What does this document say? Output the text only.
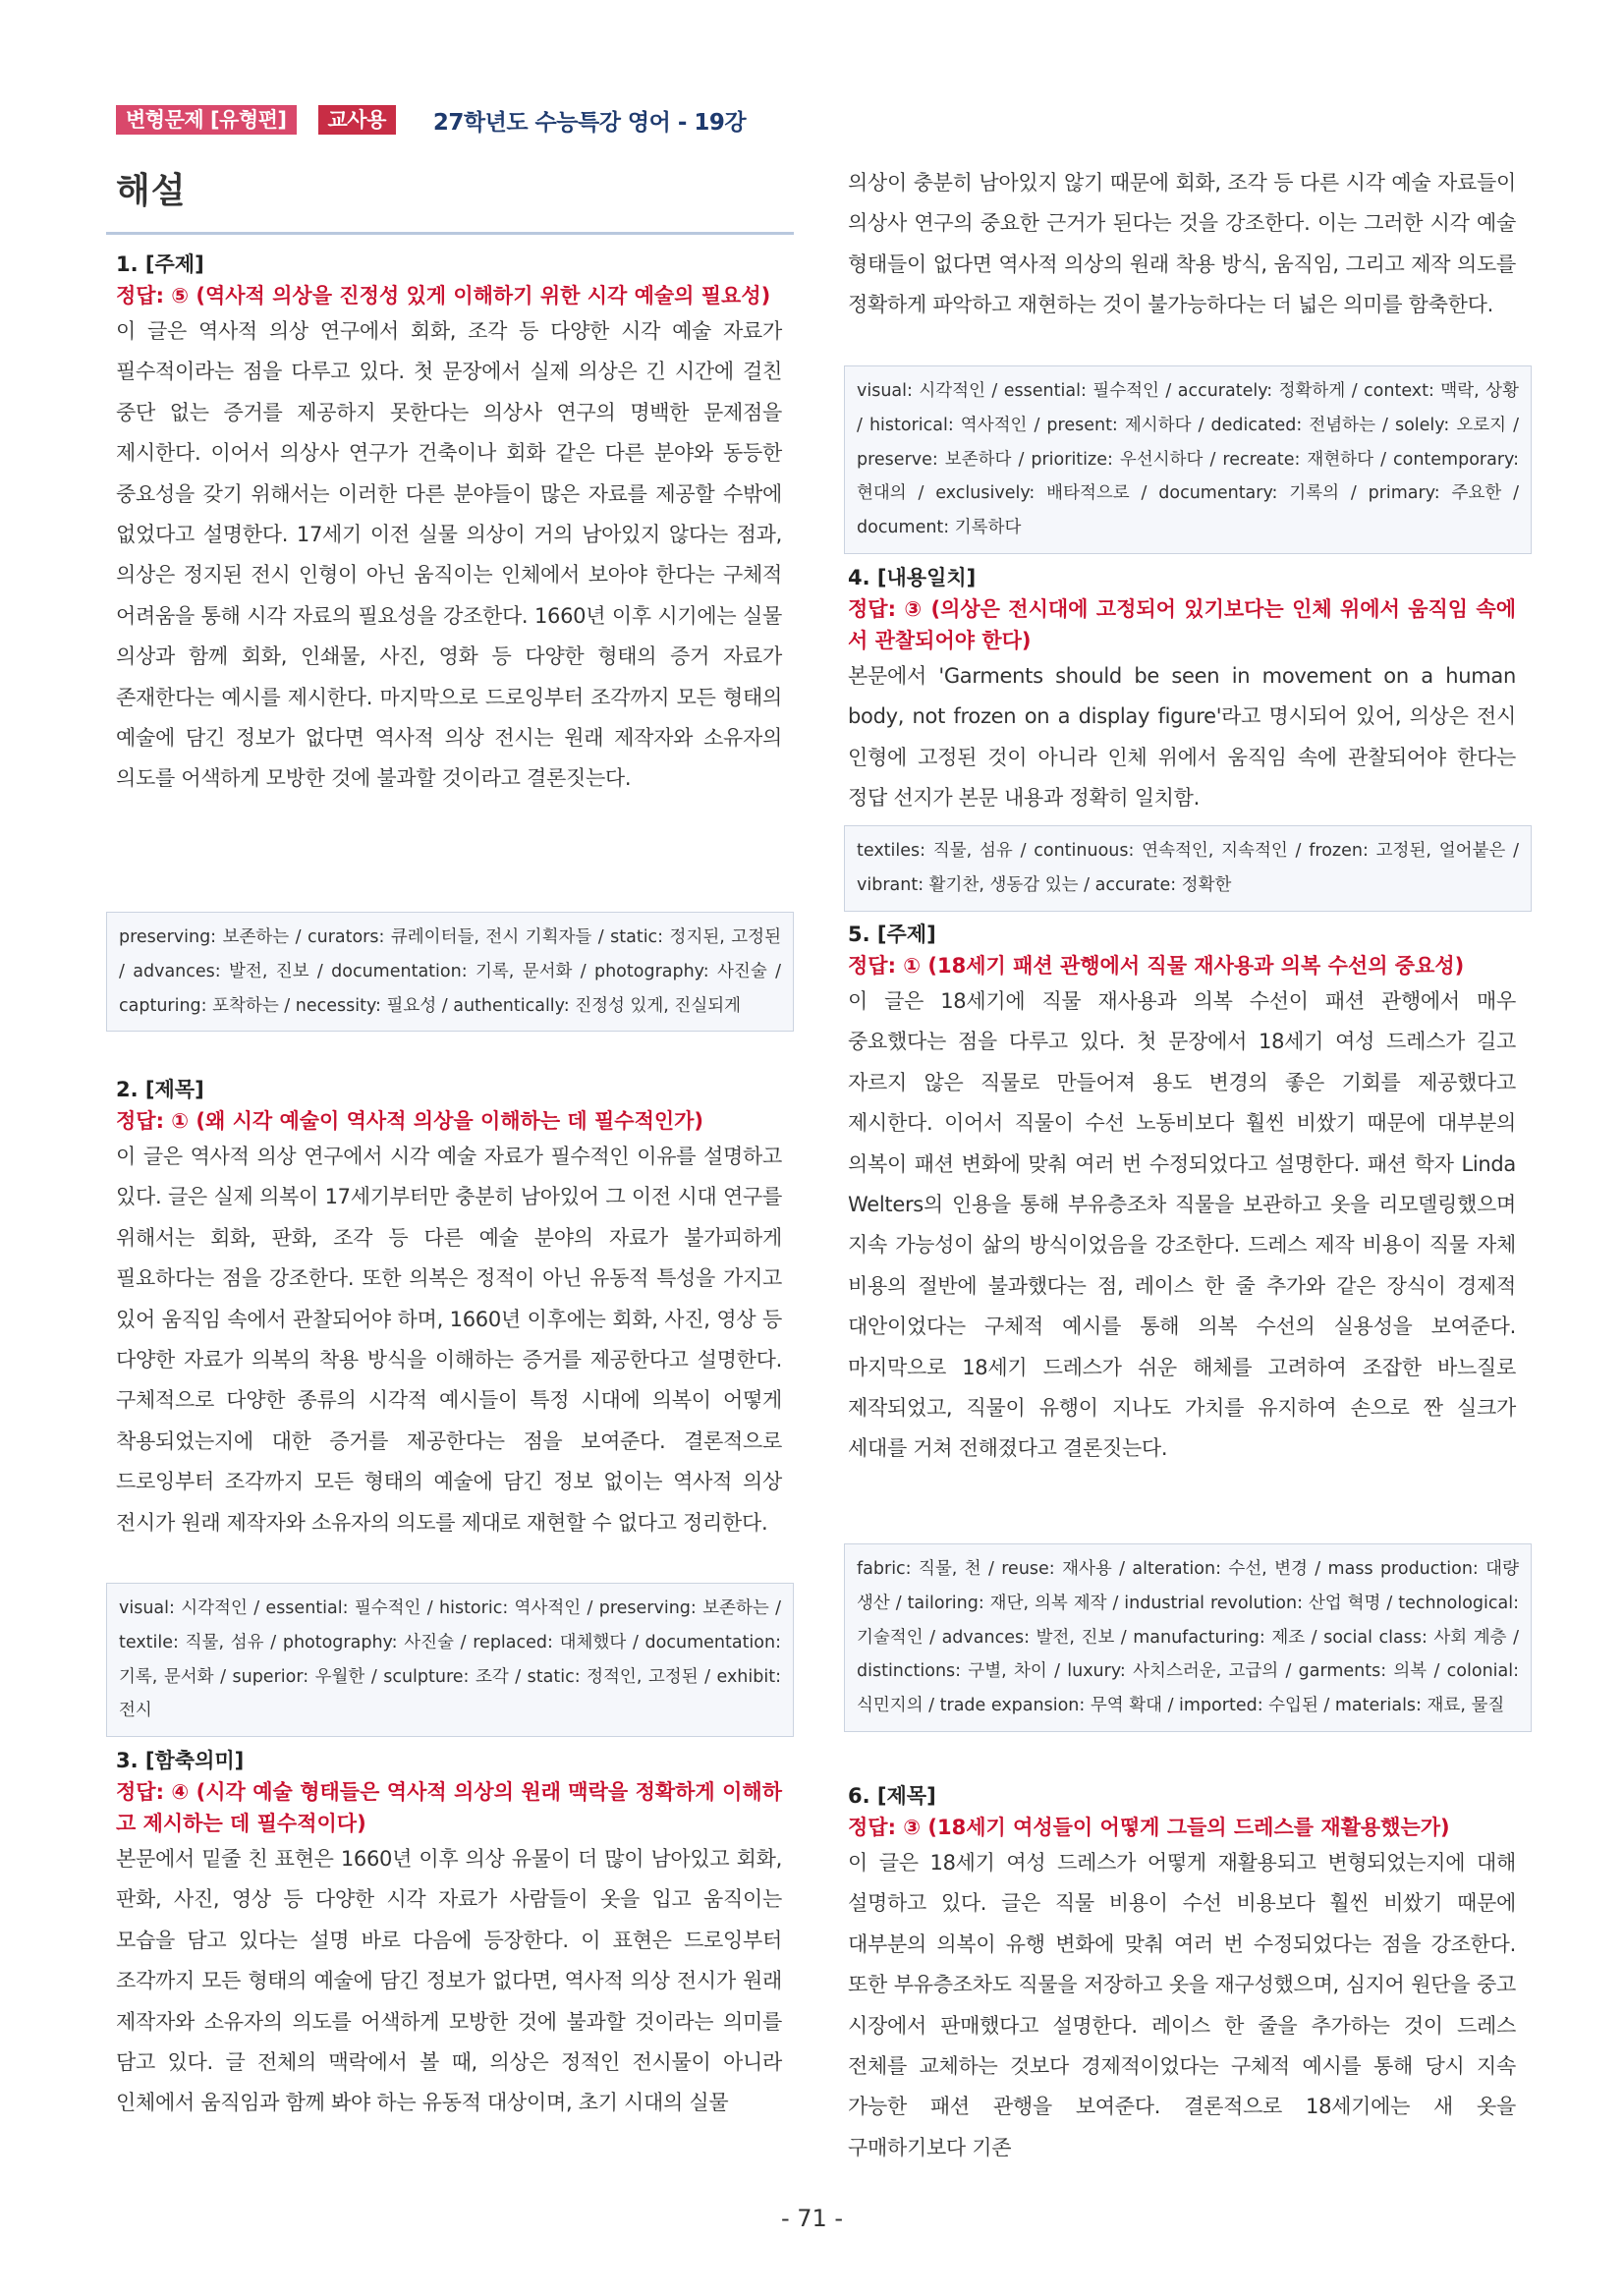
변형문제 [유형편]	교사용	27학년도 수능특강 영어 - 19강
해설
1. [주제]
정답: ⑤ (역사적 의상을 진정성 있게 이해하기 위한 시각 예술의 필요성)
이 글은 역사적 의상 연구에서 회화, 조각 등 다양한 시각 예술 자료가 필수적이라는 점을 다루고 있다. 첫 문장에서 실제 의상은 긴 시간에 걸친 중단 없는 증거를 제공하지 못한다는 의상사 연구의 명백한 문제점을 제시한다. 이어서 의상사 연구가 건축이나 회화 같은 다른 분야와 동등한 중요성을 갖기 위해서는 이러한 다른 분야들이 많은 자료를 제공할 수밖에 없었다고 설명한다. 17세기 이전 실물 의상이 거의 남아있지 않다는 점과, 의상은 정지된 전시 인형이 아닌 움직이는 인체에서 보아야 한다는 구체적 어려움을 통해 시각 자료의 필요성을 강조한다. 1660년 이후 시기에는 실물 의상과 함께 회화, 인쇄물, 사진, 영화 등 다양한 형태의 증거 자료가 존재한다는 예시를 제시한다. 마지막으로 드로잉부터 조각까지 모든 형태의 예술에 담긴 정보가 없다면 역사적 의상 전시는 원래 제작자와 소유자의 의도를 어색하게 모방한 것에 불과할 것이라고 결론짓는다.
preserving: 보존하는 / curators: 큐레이터들, 전시 기획자들 / static: 정지된, 고정된 / advances: 발전, 진보 / documentation: 기록, 문서화 / photography: 사진술 / capturing: 포착하는 / necessity: 필요성 / authentically: 진정성 있게, 진실되게
2. [제목]
정답: ① (왜 시각 예술이 역사적 의상을 이해하는 데 필수적인가)
이 글은 역사적 의상 연구에서 시각 예술 자료가 필수적인 이유를 설명하고 있다. 글은 실제 의복이 17세기부터만 충분히 남아있어 그 이전 시대 연구를 위해서는 회화, 판화, 조각 등 다른 예술 분야의 자료가 불가피하게 필요하다는 점을 강조한다. 또한 의복은 정적이 아닌 유동적 특성을 가지고 있어 움직임 속에서 관찰되어야 하며, 1660년 이후에는 회화, 사진, 영상 등 다양한 자료가 의복의 착용 방식을 이해하는 증거를 제공한다고 설명한다. 구체적으로 다양한 종류의 시각적 예시들이 특정 시대에 의복이 어떻게 착용되었는지에 대한 증거를 제공한다는 점을 보여준다. 결론적으로 드로잉부터 조각까지 모든 형태의 예술에 담긴 정보 없이는 역사적 의상 전시가 원래 제작자와 소유자의 의도를 제대로 재현할 수 없다고 정리한다.
visual: 시각적인 / essential: 필수적인 / historic: 역사적인 / preserving: 보존하는 / textile: 직물, 섬유 / photography: 사진술 / replaced: 대체했다 / documentation: 기록, 문서화 / superior: 우월한 / sculpture: 조각 / static: 정적인, 고정된 / exhibit: 전시
3. [함축의미]
정답: ④ (시각 예술 형태들은 역사적 의상의 원래 맥락을 정확하게 이해하고 제시하는 데 필수적이다)
본문에서 밑줄 친 표현은 1660년 이후 의상 유물이 더 많이 남아있고 회화, 판화, 사진, 영상 등 다양한 시각 자료가 사람들이 옷을 입고 움직이는 모습을 담고 있다는 설명 바로 다음에 등장한다. 이 표현은 드로잉부터 조각까지 모든 형태의 예술에 담긴 정보가 없다면, 역사적 의상 전시가 원래 제작자와 소유자의 의도를 어색하게 모방한 것에 불과할 것이라는 의미를 담고 있다. 글 전체의 맥락에서 볼 때, 의상은 정적인 전시물이 아니라 인체에서 움직임과 함께 봐야 하는 유동적 대상이며, 초기 시대의 실물
의상이 충분히 남아있지 않기 때문에 회화, 조각 등 다른 시각 예술 자료들이 의상사 연구의 중요한 근거가 된다는 것을 강조한다. 이는 그러한 시각 예술 형태들이 없다면 역사적 의상의 원래 착용 방식, 움직임, 그리고 제작 의도를 정확하게 파악하고 재현하는 것이 불가능하다는 더 넓은 의미를 함축한다.
visual: 시각적인 / essential: 필수적인 / accurately: 정확하게 / context: 맥락, 상황 / historical: 역사적인 / present: 제시하다 / dedicated: 전념하는 / solely: 오로지 / preserve: 보존하다 / prioritize: 우선시하다 / recreate: 재현하다 / contemporary: 현대의 / exclusively: 배타적으로 / documentary: 기록의 / primary: 주요한 / document: 기록하다
4. [내용일치]
정답: ③ (의상은 전시대에 고정되어 있기보다는 인체 위에서 움직임 속에서 관찰되어야 한다)
본문에서 'Garments should be seen in movement on a human body, not frozen on a display figure'라고 명시되어 있어, 의상은 전시 인형에 고정된 것이 아니라 인체 위에서 움직임 속에 관찰되어야 한다는 정답 선지가 본문 내용과 정확히 일치함.
textiles: 직물, 섬유 / continuous: 연속적인, 지속적인 / frozen: 고정된, 얼어붙은 / vibrant: 활기찬, 생동감 있는 / accurate: 정확한
5. [주제]
정답: ① (18세기 패션 관행에서 직물 재사용과 의복 수선의 중요성)
이 글은 18세기에 직물 재사용과 의복 수선이 패션 관행에서 매우 중요했다는 점을 다루고 있다. 첫 문장에서 18세기 여성 드레스가 길고 자르지 않은 직물로 만들어져 용도 변경의 좋은 기회를 제공했다고 제시한다. 이어서 직물이 수선 노동비보다 훨씬 비쌌기 때문에 대부분의 의복이 패션 변화에 맞춰 여러 번 수정되었다고 설명한다. 패션 학자 Linda Welters의 인용을 통해 부유층조차 직물을 보관하고 옷을 리모델링했으며 지속 가능성이 삶의 방식이었음을 강조한다. 드레스 제작 비용이 직물 자체 비용의 절반에 불과했다는 점, 레이스 한 줄 추가와 같은 장식이 경제적 대안이었다는 구체적 예시를 통해 의복 수선의 실용성을 보여준다. 마지막으로 18세기 드레스가 쉬운 해체를 고려하여 조잡한 바느질로 제작되었고, 직물이 유행이 지나도 가치를 유지하여 손으로 짠 실크가 세대를 거쳐 전해졌다고 결론짓는다.
fabric: 직물, 천 / reuse: 재사용 / alteration: 수선, 변경 / mass production: 대량 생산 / tailoring: 재단, 의복 제작 / industrial revolution: 산업 혁명 / technological: 기술적인 / advances: 발전, 진보 / manufacturing: 제조 / social class: 사회 계층 / distinctions: 구별, 차이 / luxury: 사치스러운, 고급의 / garments: 의복 / colonial: 식민지의 / trade expansion: 무역 확대 / imported: 수입된 / materials: 재료, 물질
6. [제목]
정답: ③ (18세기 여성들이 어떻게 그들의 드레스를 재활용했는가)
이 글은 18세기 여성 드레스가 어떻게 재활용되고 변형되었는지에 대해 설명하고 있다. 글은 직물 비용이 수선 비용보다 훨씬 비쌌기 때문에 대부분의 의복이 유행 변화에 맞춰 여러 번 수정되었다는 점을 강조한다. 또한 부유층조차도 직물을 저장하고 옷을 재구성했으며, 심지어 원단을 중고 시장에서 판매했다고 설명한다. 레이스 한 줄을 추가하는 것이 드레스 전체를 교체하는 것보다 경제적이었다는 구체적 예시를 통해 당시 지속 가능한 패션 관행을 보여준다. 결론적으로 18세기에는 새 옷을 구매하기보다 기존
- 71 -
